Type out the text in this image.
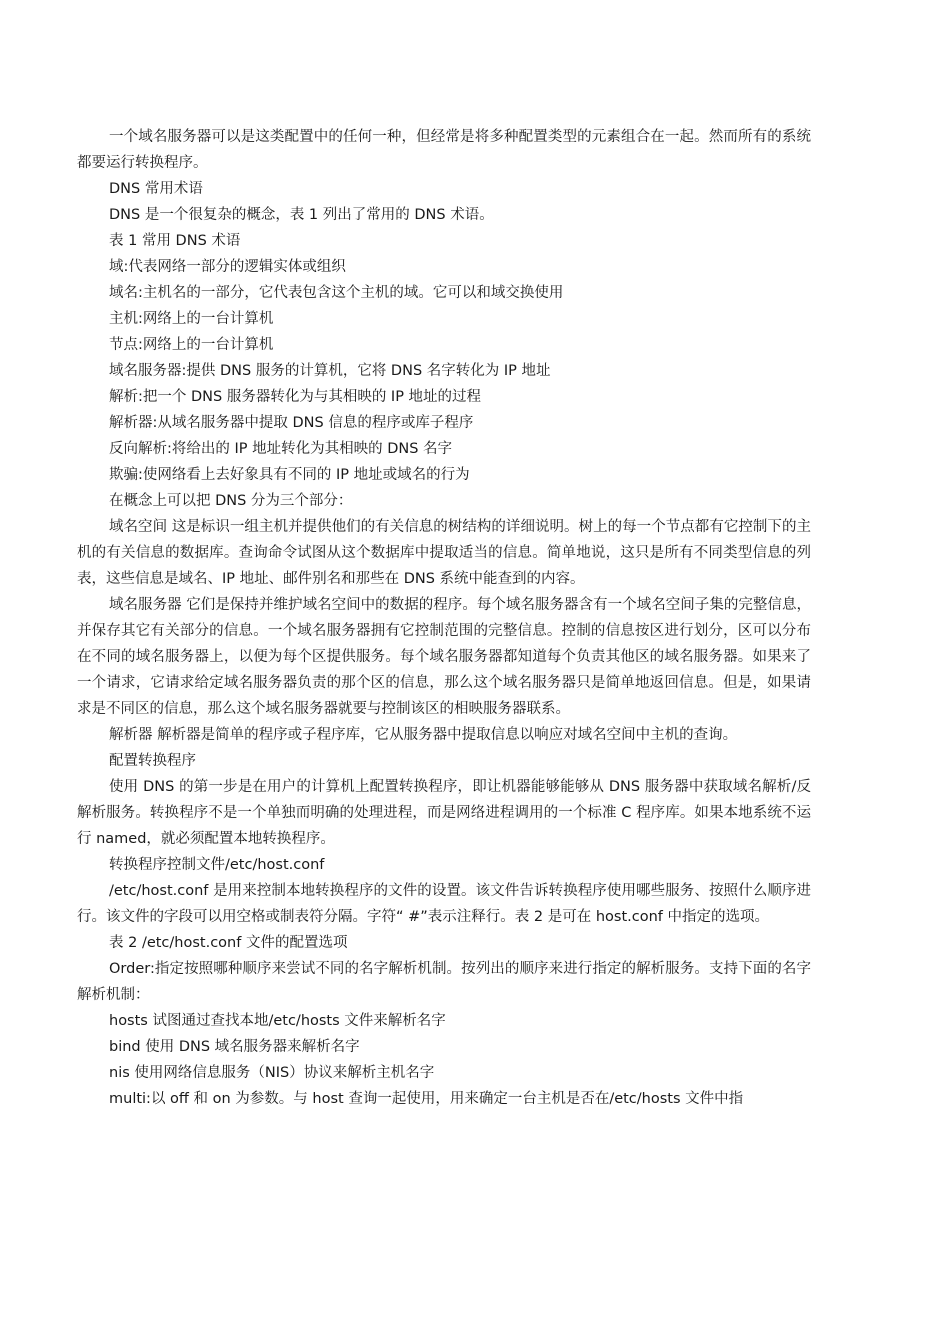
一个域名服务器可以是这类配置中的任何一种，但经常是将多种配置类型的元素组合在一起。然而所有的系统都要运行转换程序。

DNS 常用术语

DNS 是一个很复杂的概念，表 1 列出了常用的 DNS 术语。

表 1 常用 DNS 术语

域:代表网络一部分的逻辑实体或组织

域名:主机名的一部分，它代表包含这个主机的域。它可以和域交换使用

主机:网络上的一台计算机

节点:网络上的一台计算机

域名服务器:提供 DNS 服务的计算机，它将 DNS 名字转化为 IP 地址

解析:把一个 DNS 服务器转化为与其相映的 IP 地址的过程

解析器:从域名服务器中提取 DNS 信息的程序或库子程序

反向解析:将给出的 IP 地址转化为其相映的 DNS 名字

欺骗:使网络看上去好象具有不同的 IP 地址或域名的行为

在概念上可以把 DNS 分为三个部分：

域名空间 这是标识一组主机并提供他们的有关信息的树结构的详细说明。树上的每一个节点都有它控制下的主机的有关信息的数据库。查询命令试图从这个数据库中提取适当的信息。简单地说，这只是所有不同类型信息的列表，这些信息是域名、IP 地址、邮件别名和那些在 DNS 系统中能查到的内容。

域名服务器 它们是保持并维护域名空间中的数据的程序。每个域名服务器含有一个域名空间子集的完整信息，并保存其它有关部分的信息。一个域名服务器拥有它控制范围的完整信息。控制的信息按区进行划分，区可以分布在不同的域名服务器上，以便为每个区提供服务。每个域名服务器都知道每个负责其他区的域名服务器。如果来了一个请求，它请求给定域名服务器负责的那个区的信息，那么这个域名服务器只是简单地返回信息。但是，如果请求是不同区的信息，那么这个域名服务器就要与控制该区的相映服务器联系。

解析器 解析器是简单的程序或子程序库，它从服务器中提取信息以响应对域名空间中主机的查询。

配置转换程序

使用 DNS 的第一步是在用户的计算机上配置转换程序，即让机器能够能够从 DNS 服务器中获取域名解析/反解析服务。转换程序不是一个单独而明确的处理进程，而是网络进程调用的一个标准 C 程序库。如果本地系统不运行 named，就必须配置本地转换程序。

转换程序控制文件/etc/host.conf

/etc/host.conf 是用来控制本地转换程序的文件的设置。该文件告诉转换程序使用哪些服务、按照什么顺序进行。该文件的字段可以用空格或制表符分隔。字符“ #”表示注释行。表 2 是可在 host.conf 中指定的选项。

表 2 /etc/host.conf 文件的配置选项

Order:指定按照哪种顺序来尝试不同的名字解析机制。按列出的顺序来进行指定的解析服务。支持下面的名字解析机制：

hosts 试图通过查找本地/etc/hosts 文件来解析名字

bind 使用 DNS 域名服务器来解析名字

nis 使用网络信息服务（NIS）协议来解析主机名字

multi:以 off 和 on 为参数。与 host 查询一起使用，用来确定一台主机是否在/etc/hosts 文件中指
